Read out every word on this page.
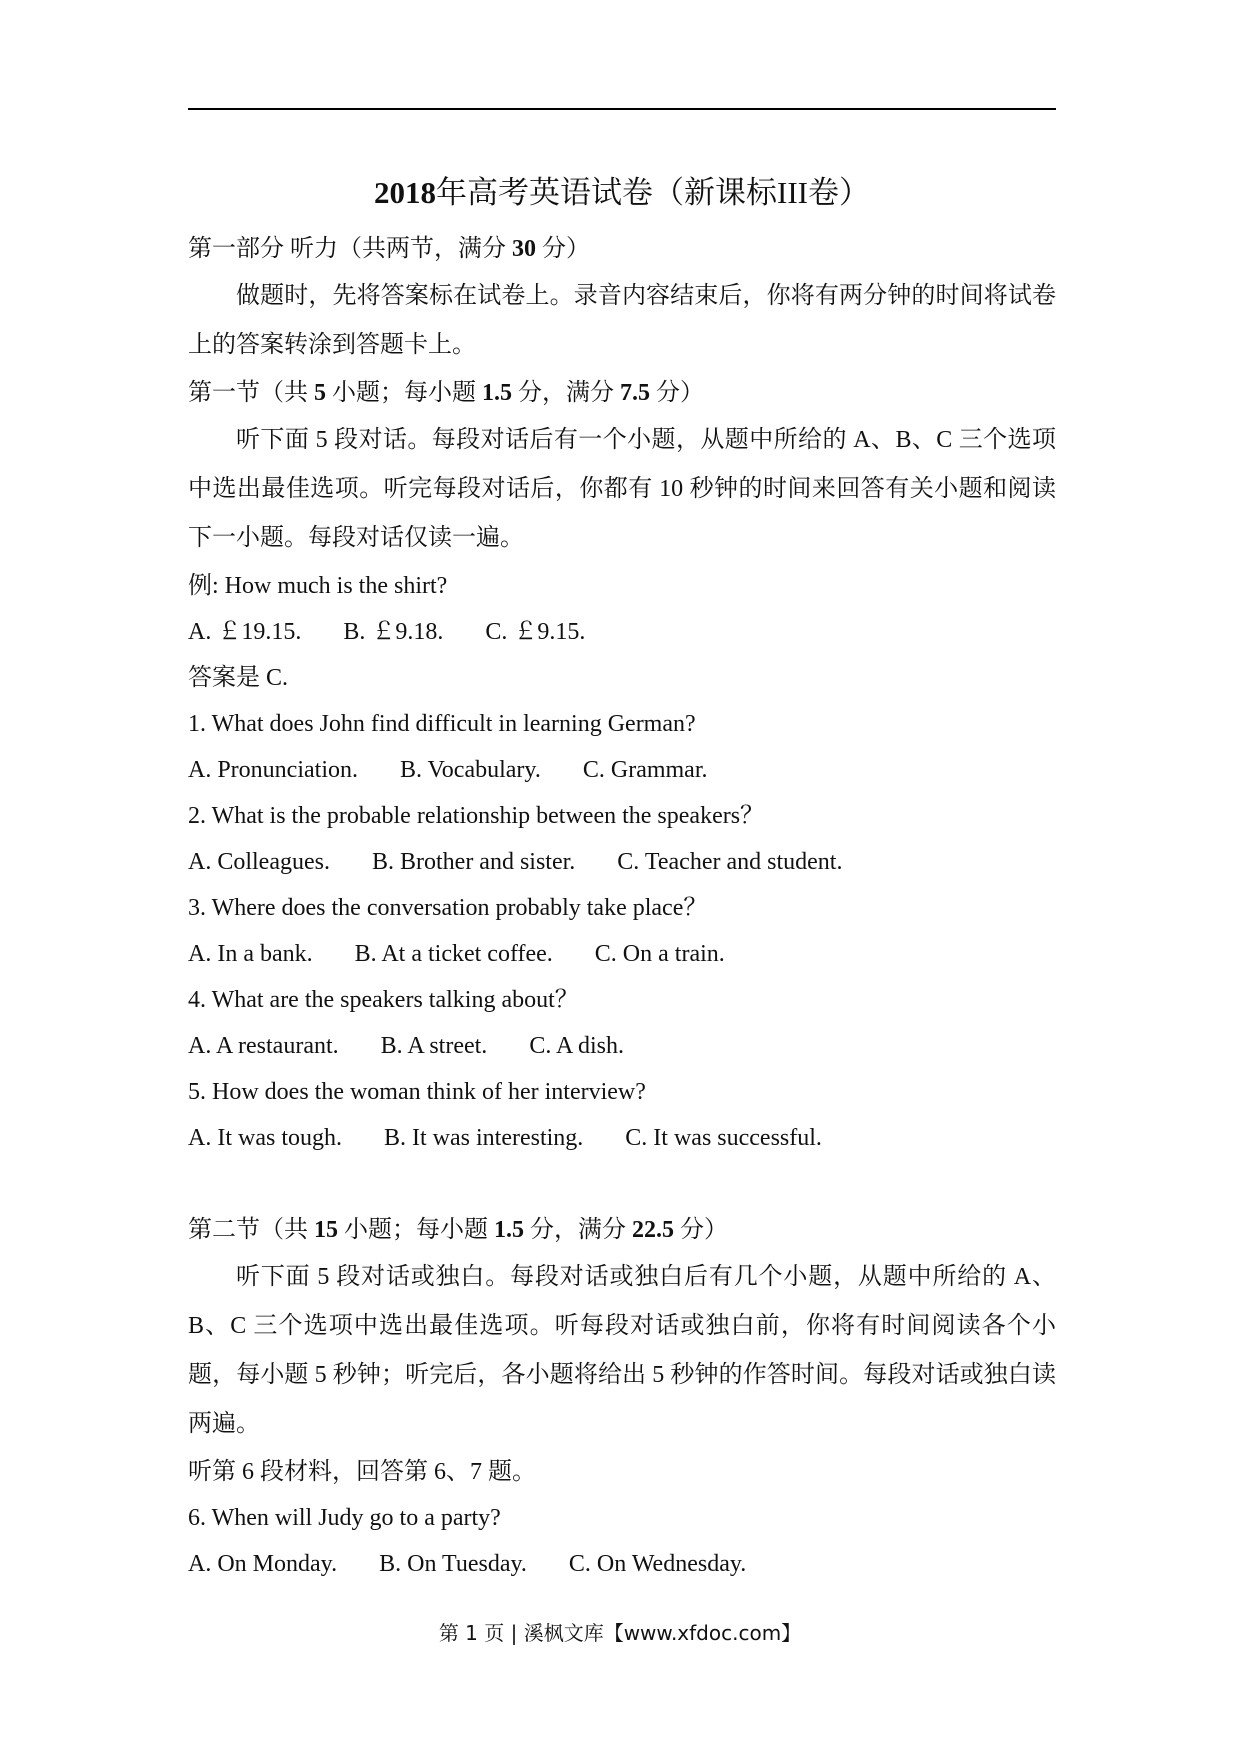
2018年高考英语试卷（新课标III卷）
第一部分 听力（共两节，满分 30 分）

做题时，先将答案标在试卷上。录音内容结束后，你将有两分钟的时间将试卷上的答案转涂到答题卡上。

第一节（共 5 小题；每小题 1.5 分，满分 7.5 分）

听下面 5 段对话。每段对话后有一个小题，从题中所给的 A、B、C 三个选项中选出最佳选项。听完每段对话后，你都有 10 秒钟的时间来回答有关小题和阅读下一小题。每段对话仅读一遍。

例: How much is the shirt?
A. ￡19.15. B. ￡9.18. C. ￡9.15.
答案是 C.
1. What does John find difficult in learning German?
A. Pronunciation. B. Vocabulary. C. Grammar.
2. What is the probable relationship between the speakers？
A. Colleagues. B. Brother and sister. C. Teacher and student.
3. Where does the conversation probably take place？
A. In a bank. B. At a ticket coffee. C. On a train.
4. What are the speakers talking about？
A. A restaurant. B. A street. C. A dish.
5. How does the woman think of her interview?
A. It was tough. B. It was interesting. C. It was successful.
第二节（共 15 小题；每小题 1.5 分，满分 22.5 分）

听下面 5 段对话或独白。每段对话或独白后有几个小题，从题中所给的 A、B、C 三个选项中选出最佳选项。听每段对话或独白前，你将有时间阅读各个小题，每小题 5 秒钟；听完后，各小题将给出 5 秒钟的作答时间。每段对话或独白读两遍。

听第 6 段材料，回答第 6、7 题。
6. When will Judy go to a party?
A. On Monday. B. On Tuesday. C. On Wednesday.
第 1 页 | 溪枫文库【www.xfdoc.com】
